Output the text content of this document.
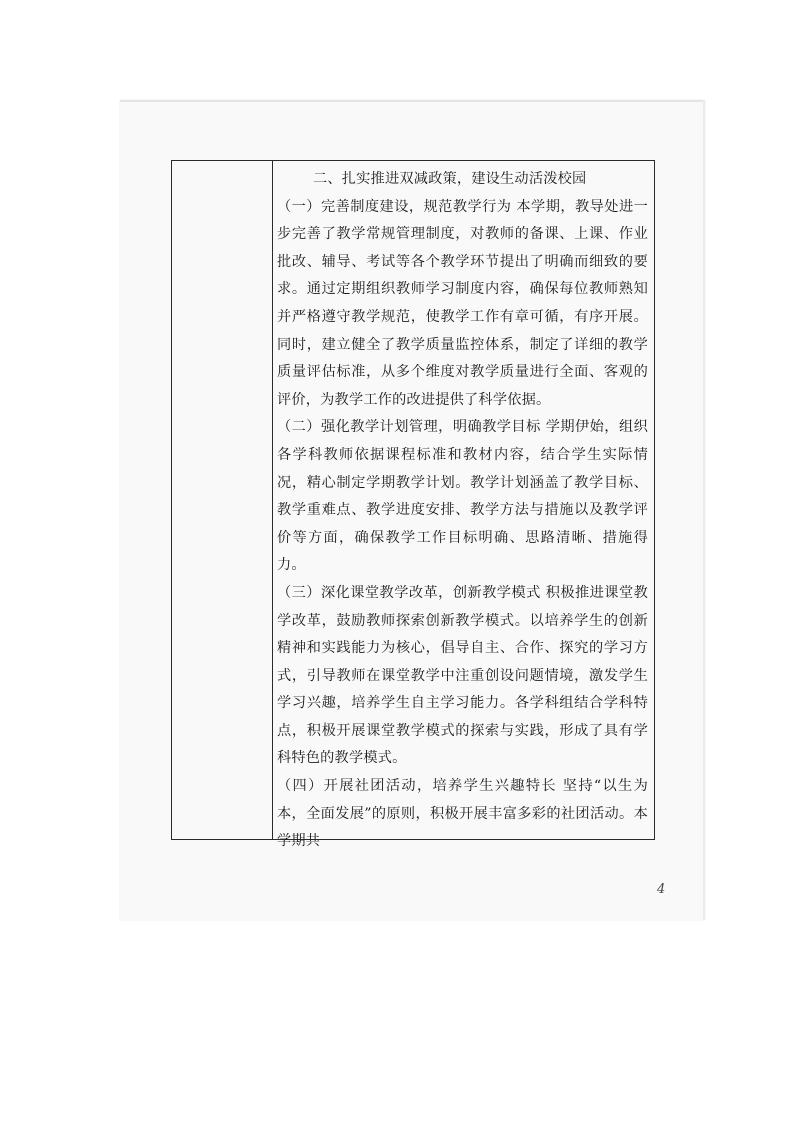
二、扎实推进双减政策，建设生动活泼校园

（一）完善制度建设，规范教学行为 本学期，教导处进一步完善了教学常规管理制度，对教师的备课、上课、作业批改、辅导、考试等各个教学环节提出了明确而细致的要求。通过定期组织教师学习制度内容，确保每位教师熟知并严格遵守教学规范，使教学工作有章可循，有序开展。同时，建立健全了教学质量监控体系，制定了详细的教学质量评估标准，从多个维度对教学质量进行全面、客观的评价，为教学工作的改进提供了科学依据。

（二）强化教学计划管理，明确教学目标 学期伊始，组织各学科教师依据课程标准和教材内容，结合学生实际情况，精心制定学期教学计划。教学计划涵盖了教学目标、教学重难点、教学进度安排、教学方法与措施以及教学评价等方面，确保教学工作目标明确、思路清晰、措施得力。

（三）深化课堂教学改革，创新教学模式 积极推进课堂教学改革，鼓励教师探索创新教学模式。以培养学生的创新精神和实践能力为核心，倡导自主、合作、探究的学习方式，引导教师在课堂教学中注重创设问题情境，激发学生学习兴趣，培养学生自主学习能力。各学科组结合学科特点，积极开展课堂教学模式的探索与实践，形成了具有学科特色的教学模式。

（四）开展社团活动，培养学生兴趣特长 坚持“以生为本，全面发展”的原则，积极开展丰富多彩的社团活动。本学期共

4
